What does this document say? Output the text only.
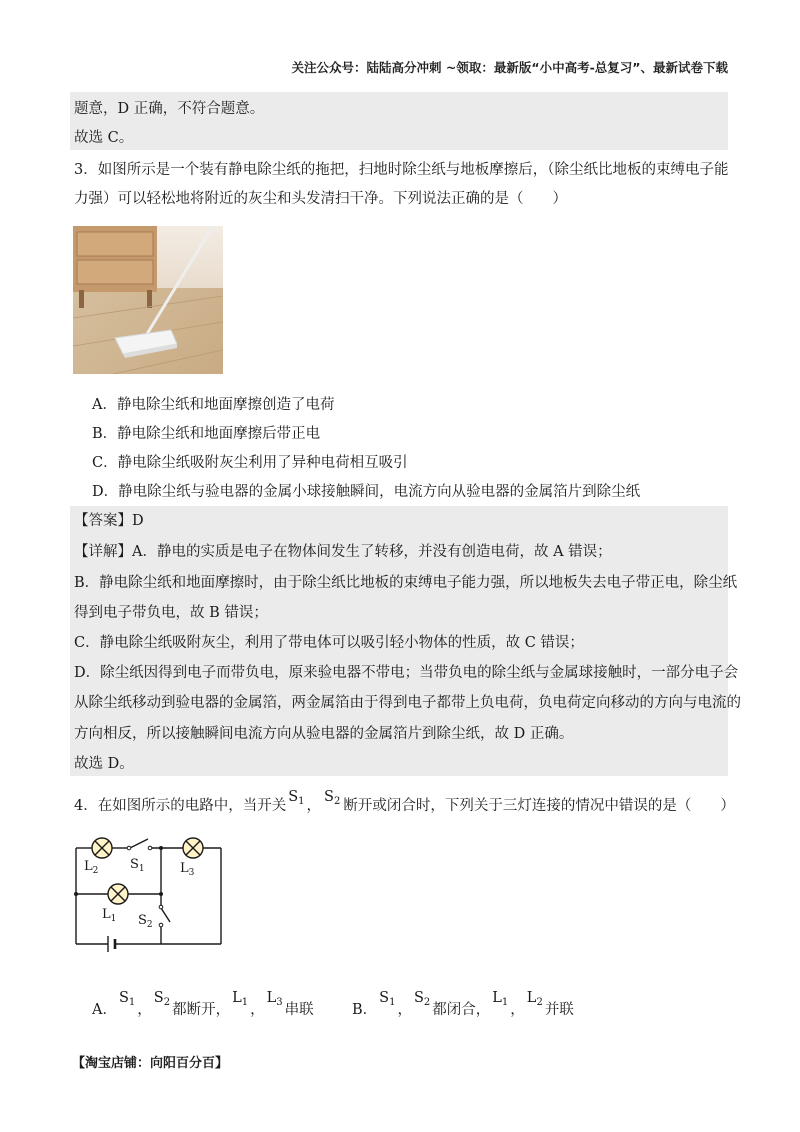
关注公众号：陆陆高分冲刺 ~领取：最新版“小中高考-总复习”、最新试卷下载
题意，D 正确，不符合题意。
故选 C。
3．如图所示是一个装有静电除尘纸的拖把，扫地时除尘纸与地板摩擦后，（除尘纸比地板的束缚电子能
力强）可以轻松地将附近的灰尘和头发清扫干净。下列说法正确的是（　　）
A．静电除尘纸和地面摩擦创造了电荷
B．静电除尘纸和地面摩擦后带正电
C．静电除尘纸吸附灰尘利用了异种电荷相互吸引
D．静电除尘纸与验电器的金属小球接触瞬间，电流方向从验电器的金属箔片到除尘纸
【答案】D
【详解】A．静电的实质是电子在物体间发生了转移，并没有创造电荷，故 A 错误；
B．静电除尘纸和地面摩擦时，由于除尘纸比地板的束缚电子能力强，所以地板失去电子带正电，除尘纸
得到电子带负电，故 B 错误；
C．静电除尘纸吸附灰尘，利用了带电体可以吸引轻小物体的性质，故 C 错误；
D．除尘纸因得到电子而带负电，原来验电器不带电；当带负电的除尘纸与金属球接触时，一部分电子会
从除尘纸移动到验电器的金属箔，两金属箔由于得到电子都带上负电荷，负电荷定向移动的方向与电流的
方向相反，所以接触瞬间电流方向从验电器的金属箔片到除尘纸，故 D 正确。
故选 D。
4．在如图所示的电路中，当开关$S_1$ ，$S_2$ 断开或闭合时，下列关于三灯连接的情况中错误的是（　　）
$L_2$ $S_1$	$L_3$
$L_1$ $S_2$
A．$S_1$ ，$S_2$ 都断开，$L_1$ ，$L_3$ 串联	B．$S_1$ ，$S_2$ 都闭合，$L_1$ ，$L_2$ 并联
【淘宝店铺：向阳百分百】
